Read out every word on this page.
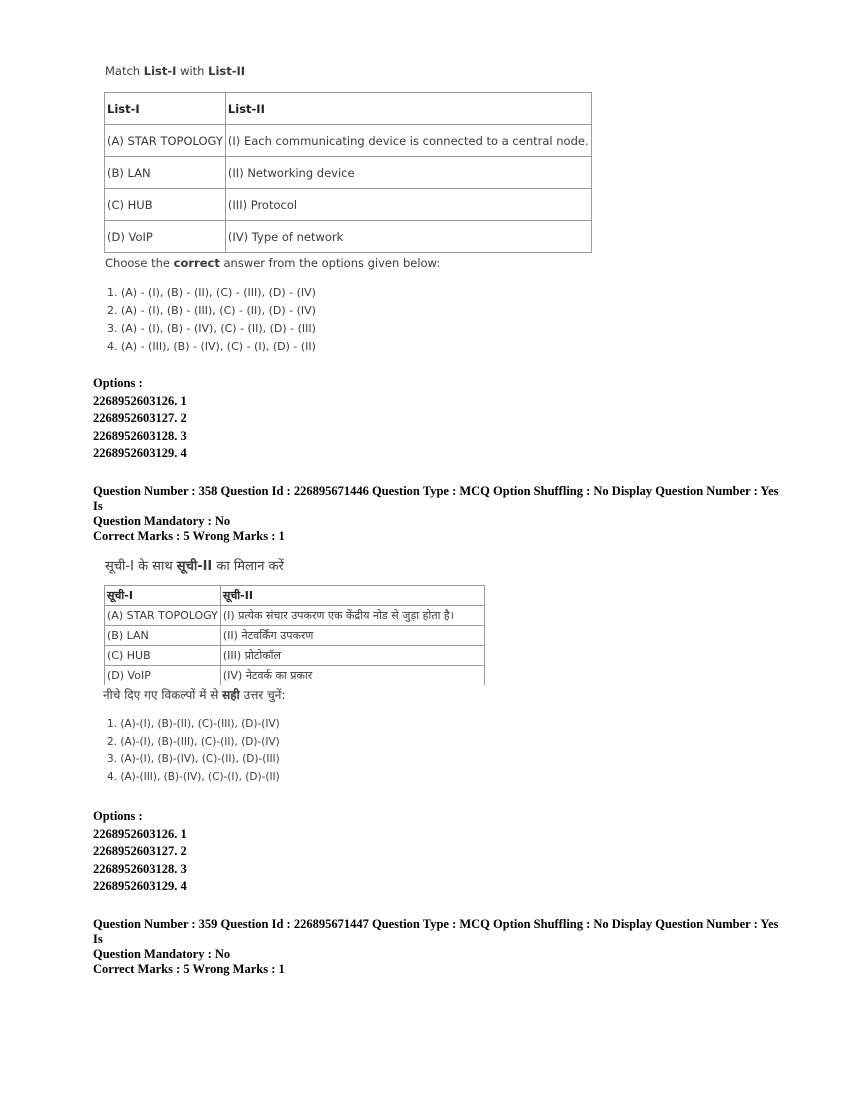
Match List-I with List-II
List-I	List-II
(A) STAR TOPOLOGY	(I) Each communicating device is connected to a central node.
(B) LAN	(II) Networking device
(C) HUB	(III) Protocol
(D) VoIP	(IV) Type of network
Choose the correct answer from the options given below:
1. (A) - (I), (B) - (II), (C) - (III), (D) - (IV)
2. (A) - (I), (B) - (III), (C) - (II), (D) - (IV)
3. (A) - (I), (B) - (IV), (C) - (II), (D) - (III)
4. (A) - (III), (B) - (IV), (C) - (I), (D) - (II)
Options :
2268952603126. 1
2268952603127. 2
2268952603128. 3
2268952603129. 4
Question Number : 358 Question Id : 226895671446 Question Type : MCQ Option Shuffling : No Display Question Number : Yes Is
Question Mandatory : No
Correct Marks : 5 Wrong Marks : 1
सूची-I के साथ सूची-II का मिलान करें
सूची-I	सूची-II
(A) STAR TOPOLOGY	(I) प्रत्येक संचार उपकरण एक केंद्रीय नोड से जुड़ा होता है।
(B) LAN	(II) नेटवर्किंग उपकरण
(C) HUB	(III) प्रोटोकॉल
(D) VoIP	(IV) नेटवर्क का प्रकार
नीचे दिए गए विकल्पों में से सही उत्तर चुनें:
1. (A)-(I), (B)-(II), (C)-(III), (D)-(IV)
2. (A)-(I), (B)-(III), (C)-(II), (D)-(IV)
3. (A)-(I), (B)-(IV), (C)-(II), (D)-(III)
4. (A)-(III), (B)-(IV), (C)-(I), (D)-(II)
Options :
2268952603126. 1
2268952603127. 2
2268952603128. 3
2268952603129. 4
Question Number : 359 Question Id : 226895671447 Question Type : MCQ Option Shuffling : No Display Question Number : Yes Is
Question Mandatory : No
Correct Marks : 5 Wrong Marks : 1
